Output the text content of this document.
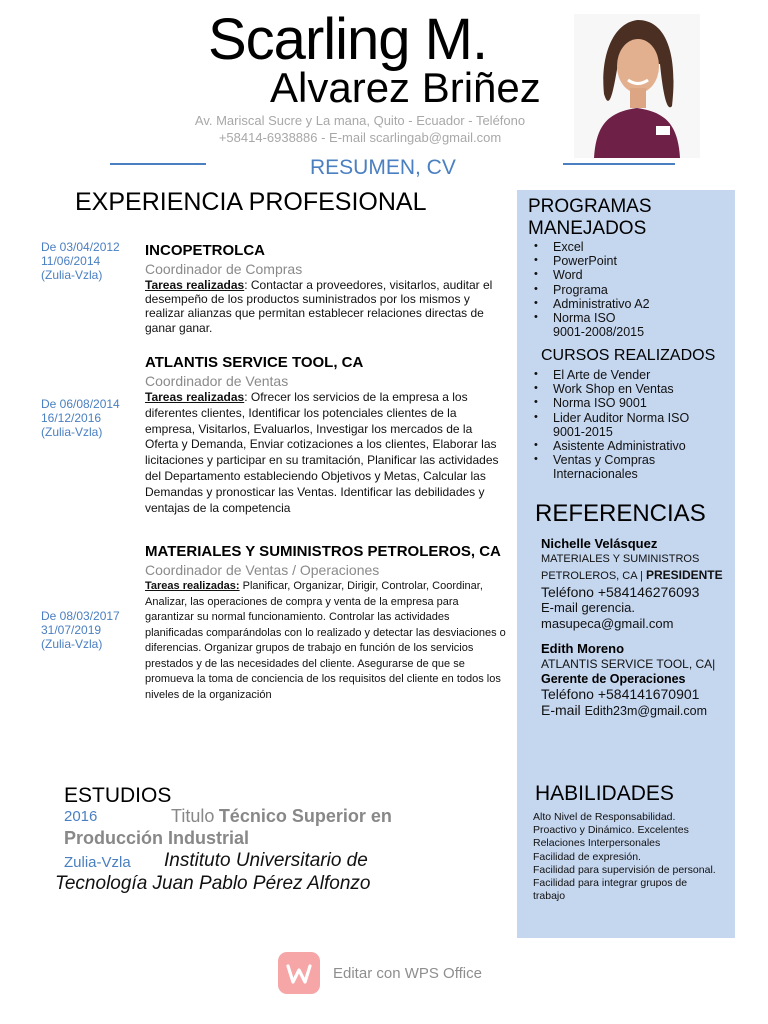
Scarling M.
Alvarez Briñez
Av. Mariscal Sucre y La mana, Quito - Ecuador - Teléfono
+58414-6938886 - E-mail scarlingab@gmail.com
RESUMEN, CV
EXPERIENCIA PROFESIONAL
De 03/04/2012
11/06/2014
(Zulia-Vzla)
INCOPETROLCA
Coordinador de Compras
Tareas realizadas: Contactar a proveedores, visitarlos, auditar el desempeño de los productos suministrados por los mismos y realizar alianzas que permitan establecer relaciones directas de ganar ganar.
De 06/08/2014
16/12/2016
(Zulia-Vzla)
ATLANTIS SERVICE TOOL, CA
Coordinador de Ventas
Tareas realizadas: Ofrecer los servicios de la empresa a los diferentes clientes, Identificar los potenciales clientes de la empresa, Visitarlos, Evaluarlos, Investigar los mercados de la Oferta y Demanda, Enviar cotizaciones a los clientes, Elaborar las licitaciones y participar en su tramitación, Planificar las actividades del Departamento estableciendo Objetivos y Metas, Calcular las Demandas y pronosticar las Ventas. Identificar las debilidades y ventajas de la competencia
De 08/03/2017
31/07/2019
(Zulia-Vzla)
MATERIALES Y SUMINISTROS PETROLEROS, CA
Coordinador de Ventas / Operaciones
Tareas realizadas: Planificar, Organizar, Dirigir, Controlar, Coordinar, Analizar, las operaciones de compra y venta de la empresa para garantizar su normal funcionamiento. Controlar las actividades planificadas comparándolas con lo realizado y detectar las desviaciones o diferencias. Organizar grupos de trabajo en función de los servicios prestados y de las necesidades del cliente. Asegurarse de que se promueva la toma de conciencia de los requisitos del cliente en todos los niveles de la organización
ESTUDIOS
2016	Titulo Técnico Superior en
Producción Industrial
Zulia-Vzla Instituto Universitario de
Tecnología Juan Pablo Pérez Alfonzo
PROGRAMAS
MANEJADOS
• Excel
• PowerPoint
• Word
• Programa
• Administrativo A2
• Norma ISO
9001-2008/2015
CURSOS REALIZADOS
• El Arte de Vender
• Work Shop en Ventas
• Norma ISO 9001
• Lider Auditor Norma ISO
9001-2015
• Asistente Administrativo
• Ventas y Compras
Internacionales
REFERENCIAS
Nichelle Velásquez
MATERIALES Y SUMINISTROS
PETROLEROS, CA | PRESIDENTE
Teléfono +584146276093
E-mail gerencia.
masupeca@gmail.com
Edith Moreno
ATLANTIS SERVICE TOOL, CA|
Gerente de Operaciones
Teléfono +584141670901
E-mail Edith23m@gmail.com
HABILIDADES
Alto Nivel de Responsabilidad.
Proactivo y Dinámico. Excelentes
Relaciones Interpersonales
Facilidad de expresión.
Facilidad para supervisión de personal.
Facilidad para integrar grupos de
trabajo
Editar con WPS Office
